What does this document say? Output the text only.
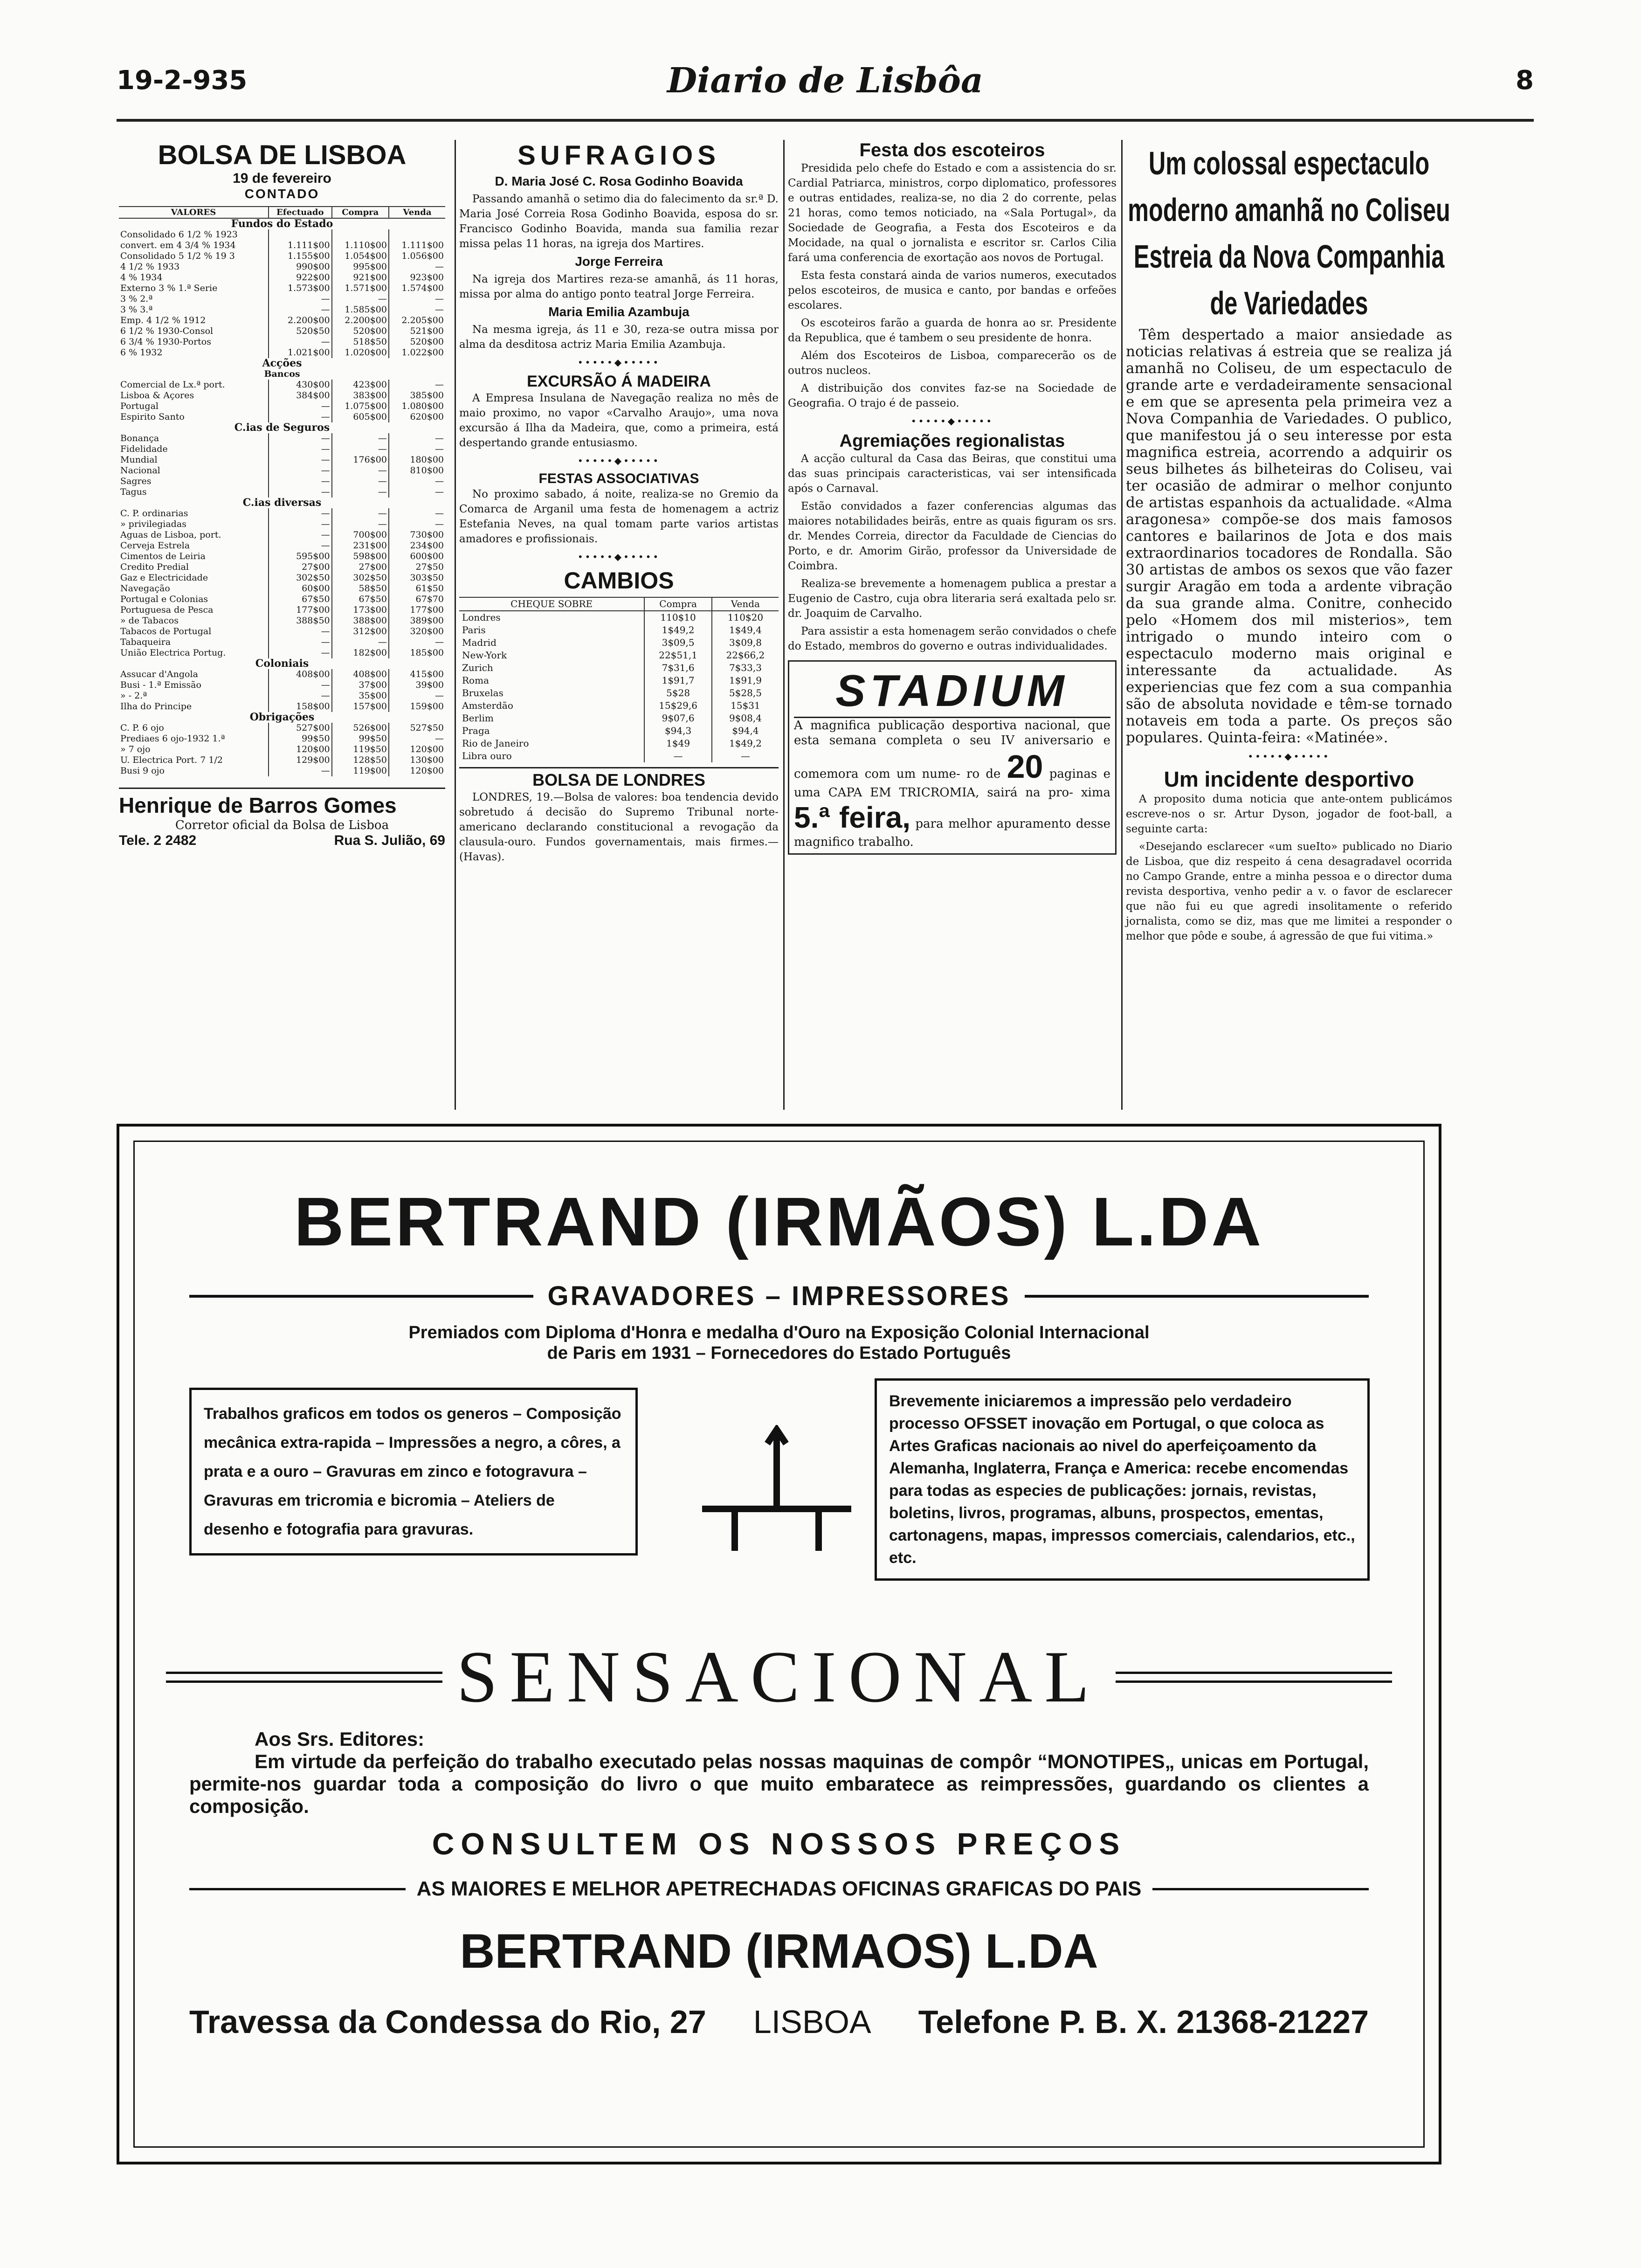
19-2-935	Diario de Lisbôa	8
BOLSA DE LISBOA
19 de fevereiro
CONTADO
VALORES	Efectuado	Compra	Venda
Fundos do Estado			
Consolidado 6 1/2 % 1923			
convert. em 4 3/4 % 1934	1.111$00	1.110$00	1.111$00
Consolidado 5 1/2 % 19 3	1.155$00	1.054$00	1.056$00
4 1/2 % 1933	990$00	995$00	—
4 % 1934	922$00	921$00	923$00
Externo 3 % 1.ª Serie	1.573$00	1.571$00	1.574$00
3 % 2.ª	—	—	—
3 % 3.ª	—	1.585$00	—
Emp. 4 1/2 % 1912	2.200$00	2.200$00	2.205$00
6 1/2 % 1930-Consol	520$50	520$00	521$00
6 3/4 % 1930-Portos	—	518$50	520$00
6 % 1932	1.021$00	1.020$00	1.022$00
Acções			
Bancos			
Comercial de Lx.ª port.	430$00	423$00	—
Lisboa & Açores	384$00	383$00	385$00
Portugal	—	1.075$00	1.080$00
Espirito Santo	—	605$00	620$00
C.ias de Seguros			
Bonança	—	—	—
Fidelidade	—	—	—
Mundial	—	176$00	180$00
Nacional	—	—	810$00
Sagres	—	—	—
Tagus	—	—	—
C.ias diversas			
C. P. ordinarias	—	—	—
» privilegiadas	—	—	—
Aguas de Lisboa, port.	—	700$00	730$00
Cerveja Estrela	—	231$00	234$00
Cimentos de Leiria	595$00	598$00	600$00
Credito Predial	27$00	27$00	27$50
Gaz e Electricidade	302$50	302$50	303$50
Navegação	60$00	58$50	61$50
Portugal e Colonias	67$50	67$50	67$70
Portuguesa de Pesca	177$00	173$00	177$00
» de Tabacos	388$50	388$00	389$00
Tabacos de Portugal	—	312$00	320$00
Tabaqueira	—	—	—
União Electrica Portug.	—	182$00	185$00
Coloniais			
Assucar d'Angola	408$00	408$00	415$00
Busi - 1.ª Emissão	—	37$00	39$00
» - 2.ª	—	35$00	—
Ilha do Principe	158$00	157$00	159$00
Obrigações			
C. P. 6 ojo	527$00	526$00	527$50
Prediaes 6 ojo-1932 1.ª	99$50	99$50	—
» 7 ojo	120$00	119$50	120$00
U. Electrica Port. 7 1/2	129$00	128$50	130$00
Busi 9 ojo	—	119$00	120$00
Henrique de Barros Gomes
Corretor oficial da Bolsa de Lisboa
Tele. 2 2482	Rua S. Julião, 69
SUFRAGIOS
D. Maria José C. Rosa Godinho Boavida

Passando amanhã o setimo dia do falecimento da sr.ª D. Maria José Correia Rosa Godinho Boavida, esposa do sr. Francisco Godinho Boavida, manda sua familia rezar missa pelas 11 horas, na igreja dos Martires.

Jorge Ferreira

Na igreja dos Martires reza-se amanhã, ás 11 horas, missa por alma do antigo ponto teatral Jorge Ferreira.

Maria Emilia Azambuja

Na mesma igreja, ás 11 e 30, reza-se outra missa por alma da desditosa actriz Maria Emilia Azambuja.

•••••◆•••••
EXCURSÃO Á MADEIRA

A Empresa Insulana de Navegação realiza no mês de maio proximo, no vapor «Carvalho Araujo», uma nova excursão á Ilha da Madeira, que, como a primeira, está despertando grande entusiasmo.

•••••◆•••••
FESTAS ASSOCIATIVAS

No proximo sabado, á noite, realiza-se no Gremio da Comarca de Arganil uma festa de homenagem a actriz Estefania Neves, na qual tomam parte varios artistas amadores e profissionais.

•••••◆•••••
CAMBIOS
CHEQUE SOBRE	Compra	Venda
Londres	110$10	110$20
Paris	1$49,2	1$49,4
Madrid	3$09,5	3$09,8
New-York	22$51,1	22$66,2
Zurich	7$31,6	7$33,3
Roma	1$91,7	1$91,9
Bruxelas	5$28	5$28,5
Amsterdão	15$29,6	15$31
Berlim	9$07,6	9$08,4
Praga	$94,3	$94,4
Rio de Janeiro	1$49	1$49,2
Libra ouro	—	—
BOLSA DE LONDRES

LONDRES, 19.—Bolsa de valores: boa tendencia devido sobretudo á decisão do Supremo Tribunal norte-americano declarando constitucional a revogação da clausula-ouro. Fundos governamentais, mais firmes.—(Havas).

Festa dos escoteiros

Presidida pelo chefe do Estado e com a assistencia do sr. Cardial Patriarca, ministros, corpo diplomatico, professores e outras entidades, realiza-se, no dia 2 do corrente, pelas 21 horas, como temos noticiado, na «Sala Portugal», da Sociedade de Geografia, a Festa dos Escoteiros e da Mocidade, na qual o jornalista e escritor sr. Carlos Cilia fará uma conferencia de exortação aos novos de Portugal.

Esta festa constará ainda de varios numeros, executados pelos escoteiros, de musica e canto, por bandas e orfeões escolares.

Os escoteiros farão a guarda de honra ao sr. Presidente da Republica, que é tambem o seu presidente de honra.

Além dos Escoteiros de Lisboa, comparecerão os de outros nucleos.

A distribuição dos convites faz-se na Sociedade de Geografia. O trajo é de passeio.

•••••◆•••••
Agremiações regionalistas

A acção cultural da Casa das Beiras, que constitui uma das suas principais caracteristicas, vai ser intensificada após o Carnaval.

Estão convidados a fazer conferencias algumas das maiores notabilidades beirãs, entre as quais figuram os srs. dr. Mendes Correia, director da Faculdade de Ciencias do Porto, e dr. Amorim Girão, professor da Universidade de Coimbra.

Realiza-se brevemente a homenagem publica a prestar a Eugenio de Castro, cuja obra literaria será exaltada pelo sr. dr. Joaquim de Carvalho.

Para assistir a esta homenagem serão convidados o chefe do Estado, membros do governo e outras individualidades.

STADIUM
A magnifica publicação desportiva nacional, que esta semana completa o seu IV aniversario e comemora com um nume- ro de 20 paginas e uma CAPA EM TRICROMIA, sairá na pro- xima 5.ª feira, para melhor apuramento desse magnifico trabalho.
Um colossal espectaculo moderno amanhã no Coliseu Estreia da Nova Companhia de Variedades
Têm despertado a maior ansiedade as noticias relativas á estreia que se realiza já amanhã no Coliseu, de um espectaculo de grande arte e verdadeiramente sensacional e em que se apresenta pela primeira vez a Nova Companhia de Variedades. O publico, que manifestou já o seu interesse por esta magnifica estreia, acorrendo a adquirir os seus bilhetes ás bilheteiras do Coliseu, vai ter ocasião de admirar o melhor conjunto de artistas espanhois da actualidade. «Alma aragonesa» compõe-se dos mais famosos cantores e bailarinos de Jota e dos mais extraordinarios tocadores de Rondalla. São 30 artistas de ambos os sexos que vão fazer surgir Aragão em toda a ardente vibração da sua grande alma. Conitre, conhecido pelo «Homem dos mil misterios», tem intrigado o mundo inteiro com o espectaculo moderno mais original e interessante da actualidade. As experiencias que fez com a sua companhia são de absoluta novidade e têm-se tornado notaveis em toda a parte. Os preços são populares. Quinta-feira: «Matinée».
•••••◆•••••
Um incidente desportivo

A proposito duma noticia que ante-ontem publicámos escreve-nos o sr. Artur Dyson, jogador de foot-ball, a seguinte carta:

«Desejando esclarecer «um sueIto» publicado no Diario de Lisboa, que diz respeito á cena desagradavel ocorrida no Campo Grande, entre a minha pessoa e o director duma revista desportiva, venho pedir a v. o favor de esclarecer que não fui eu que agredi insolitamente o referido jornalista, como se diz, mas que me limitei a responder o melhor que pôde e soube, á agressão de que fui vitima.»

BERTRAND (IRMÃOS) L.DA
GRAVADORES – IMPRESSORES
Premiados com Diploma d'Honra e medalha d'Ouro na Exposição Colonial Internacional
de Paris em 1931 – Fornecedores do Estado Português
Trabalhos graficos em todos os generos – Composição mecânica extra-rapida – Impressões a negro, a côres, a prata e a ouro – Gravuras em zinco e fotogravura – Gravuras em tricromia e bicromia – Ateliers de desenho e fotografia para gravuras.
Brevemente iniciaremos a impressão pelo verdadeiro processo OFSSET inovação em Portugal, o que coloca as Artes Graficas nacionais ao nivel do aperfeiçoamento da Alemanha, Inglaterra, França e America: recebe encomendas para todas as especies de publicações: jornais, revistas, boletins, livros, programas, albuns, prospectos, ementas, cartonagens, mapas, impressos comerciais, calendarios, etc., etc.
SENSACIONAL
Aos Srs. Editores:
Em virtude da perfeição do trabalho executado pelas nossas maquinas de compôr “MONOTIPES„ unicas em Portugal, permite-nos guardar toda a composição do livro o que muito embaratece as reimpressões, guardando os clientes a composição.
CONSULTEM OS NOSSOS PREÇOS
AS MAIORES E MELHOR APETRECHADAS OFICINAS GRAFICAS DO PAIS
BERTRAND (IRMAOS) L.DA
Travessa da Condessa do Rio, 27 LISBOA Telefone P. B. X. 21368-21227
